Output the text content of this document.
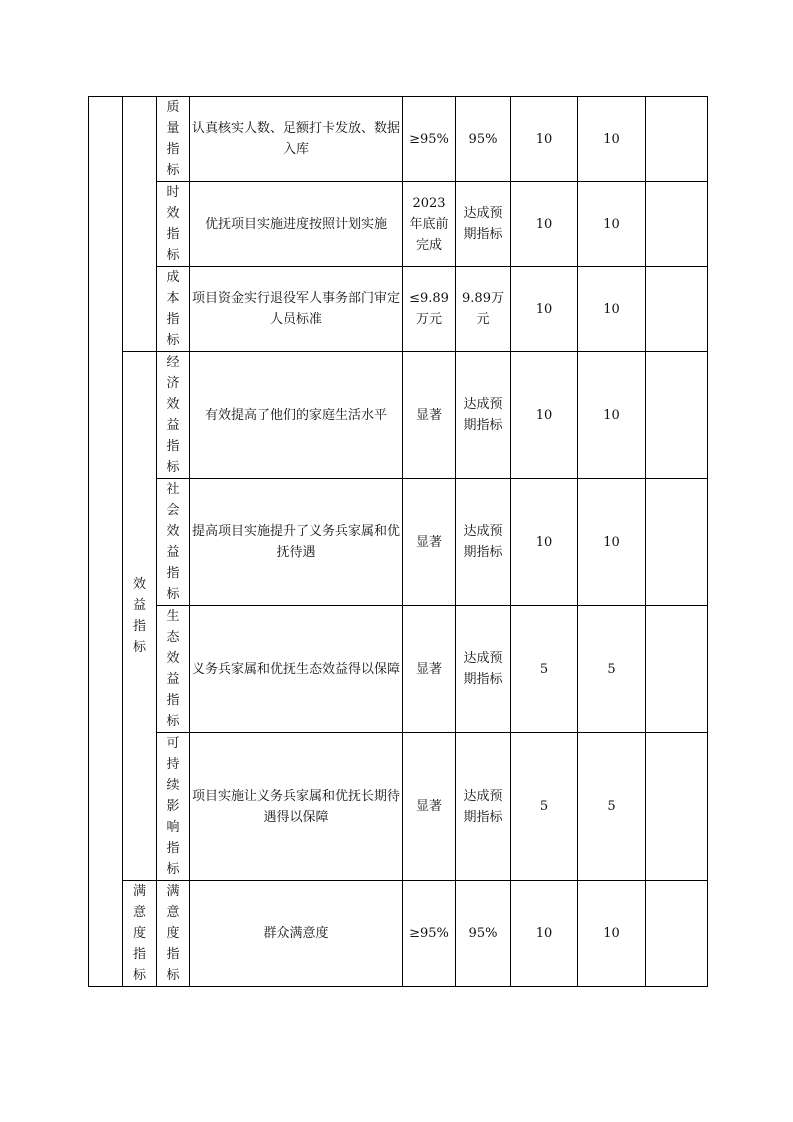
		质量指标	认真核实人数、足额打卡发放、数据入库	≥95%	95%	10	10	

		时效指标	优抚项目实施进度按照计划实施	2023年底前完成	达成预期指标	10	10	

		成本指标	项目资金实行退役军人事务部门审定人员标准	≤9.89万元	9.89万元	10	10	

	效益指标	经济效益指标	有效提高了他们的家庭生活水平	显著	达成预期指标	10	10	

		社会效益指标	提高项目实施提升了义务兵家属和优抚待遇	显著	达成预期指标	10	10	

		生态效益指标	义务兵家属和优抚生态效益得以保障	显著	达成预期指标	5	5	

		可持续影响指标	项目实施让义务兵家属和优抚长期待遇得以保障	显著	达成预期指标	5	5	

	满意度指标	满意度指标	群众满意度	≥95%	95%	10	10	
